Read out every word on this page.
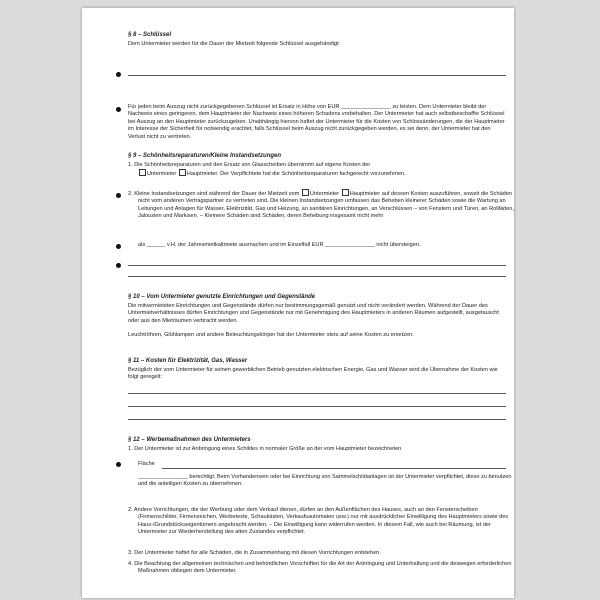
§ 8 – Schlüssel
Dem Untermieter werden für die Dauer der Mietzeit folgende Schlüssel ausgehändigt:
Für jeden beim Auszug nicht zurückgegebenen Schlüssel ist Ersatz in Höhe von EUR ________________ zu leisten. Dem Untermieter bleibt der Nachweis eines geringeren, dem Hauptmieter der Nachweis eines höheren Schadens vorbehalten. Der Untermieter hat auch selbstbeschaffte Schlüssel bei Auszug an den Hauptmieter zurückzugeben. Unabhängig hiervon haftet der Untermieter für die Kosten von Schlossänderungen, die der Hauptmieter im Interesse der Sicherheit für notwendig erachtet, falls Schlüssel beim Auszug nicht zurückgegeben werden, es sei denn, der Untermieter hat den Verlust nicht zu vertreten.
§ 9 – Schönheitsreparaturen/Kleine Instandsetzungen
1. Die Schönheitsreparaturen und den Ersatz von Glasscheiben übernimmt auf eigene Kosten der
Untermieter Hauptmieter. Der Verpflichtete hat die Schönheitsreparaturen fachgerecht vorzunehmen.
2. Kleine Instandsetzungen sind während der Dauer der Mietzeit vom Untermieter Hauptmieter auf dessen Kosten auszuführen, soweit die Schäden nicht vom anderen Vertragspartner zu vertreten sind. Die kleinen Instandsetzungen umfassen das Beheben kleinerer Schäden sowie die Wartung an Leitungen und Anlagen für Wasser, Elektrizität, Gas und Heizung, an sanitären Einrichtungen, an Verschlüssen – von Fenstern und Türen, an Rollläden, Jalousien und Markisen. – Kleinere Schäden sind Schäden, deren Behebung insgesamt nicht mehr
als ______ v.H. der Jahresmietkaltmiete ausmachen und im Einzelfall EUR ________________ nicht übersteigen.
§ 10 – Vom Untermieter genutzte Einrichtungen und Gegenstände
Die mitvermieteten Einrichtungen und Gegenstände dürfen nur bestimmungsgemäß genutzt und nicht verändert werden. Während der Dauer des Untermietverhältnisses dürfen Einrichtungen und Gegenstände nur mit Genehmigung des Hauptmieters in anderen Räumen aufgestellt, ausgetauscht oder aus den Mieträumen verbracht werden.
Leuchtröhren, Glühlampen und andere Beleuchtungskörper hat der Untermieter stets auf seine Kosten zu ersetzen.
§ 11 – Kosten für Elektrizität, Gas, Wasser
Bezüglich der vom Untermieter für seinen gewerblichen Betrieb genutzten elektrischen Energie, Gas und Wasser wird die Übernahme der Kosten wie folgt geregelt:
§ 12 – Werbemaßnahmen des Untermieters
1. Der Untermieter ist zur Anbringung eines Schildes in normaler Größe an der vom Hauptmieter bezeichneten
Fläche
________________ berechtigt. Beim Vorhandensein oder bei Einrichtung von Sammelschildanlagen ist der Untermieter verpflichtet, diese zu benutzen und die anteiligen Kosten zu übernehmen.
2. Andere Vorrichtungen, die der Werbung oder dem Verkauf dienen, dürfen an den Außenflächen des Hauses, auch an den Fensterscheiben (Firmenschilder, Firmenzeichen, Werbetexte, Schaukästen, Verkaufsautomaten usw.) nur mit ausdrücklicher Einwilligung des Hauptmieters sowie des Haus-/Grundstückseigentümers angebracht werden. – Die Einwilligung kann widerrufen werden. In diesem Fall, wie auch bei Räumung, ist der Untermieter zur Wiederherstellung des alten Zustandes verpflichtet.
3. Der Untermieter haftet für alle Schäden, die in Zusammenhang mit diesen Vorrichtungen entstehen.
4. Die Beachtung der allgemeinen technischen und behördlichen Vorschriften für die Art der Anbringung und Unterhaltung und die deswegen erforderlichen Maßnahmen obliegen dem Untermieter.
